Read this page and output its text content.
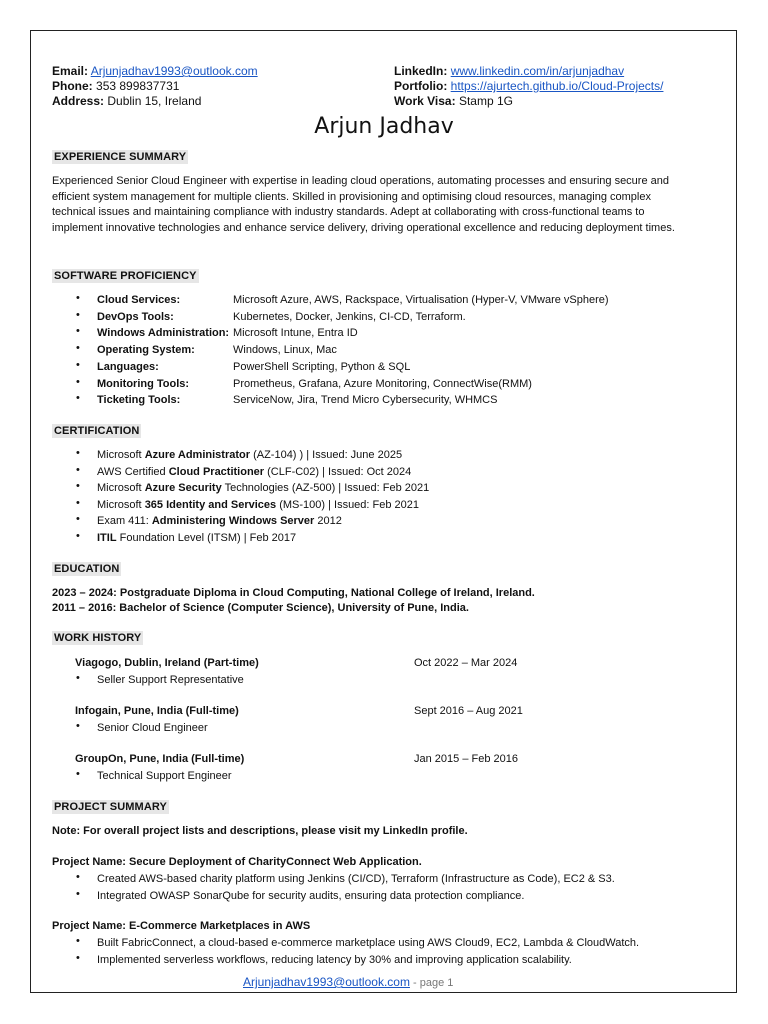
Email: Arjunjadhav1993@outlook.com
Phone: 353 899837731
Address: Dublin 15, Ireland
LinkedIn: www.linkedin.com/in/arjunjadhav
Portfolio: https://ajurtech.github.io/Cloud-Projects/
Work Visa: Stamp 1G
Arjun Jadhav
EXPERIENCE SUMMARY
Experienced Senior Cloud Engineer with expertise in leading cloud operations, automating processes and ensuring secure and efficient system management for multiple clients. Skilled in provisioning and optimising cloud resources, managing complex technical issues and maintaining compliance with industry standards. Adept at collaborating with cross-functional teams to implement innovative technologies and enhance service delivery, driving operational excellence and reducing deployment times.
SOFTWARE PROFICIENCY
• Cloud Services:	Microsoft Azure, AWS, Rackspace, Virtualisation (Hyper-V, VMware vSphere)
• DevOps Tools:	Kubernetes, Docker, Jenkins, CI-CD, Terraform.
• Windows Administration: Microsoft Intune, Entra ID
• Operating System:	Windows, Linux, Mac
• Languages:	PowerShell Scripting, Python & SQL
• Monitoring Tools:	Prometheus, Grafana, Azure Monitoring, ConnectWise(RMM)
• Ticketing Tools:	ServiceNow, Jira, Trend Micro Cybersecurity, WHMCS
CERTIFICATION
• Microsoft Azure Administrator (AZ-104) ) | Issued: June 2025
• AWS Certified Cloud Practitioner (CLF-C02) | Issued: Oct 2024
• Microsoft Azure Security Technologies (AZ-500) | Issued: Feb 2021
• Microsoft 365 Identity and Services (MS-100) | Issued: Feb 2021
• Exam 411: Administering Windows Server 2012
• ITIL Foundation Level (ITSM) | Feb 2017
EDUCATION
2023 – 2024: Postgraduate Diploma in Cloud Computing, National College of Ireland, Ireland.
2011 – 2016: Bachelor of Science (Computer Science), University of Pune, India.
WORK HISTORY
Viagogo, Dublin, Ireland (Part-time)	Oct 2022 – Mar 2024
• Seller Support Representative
Infogain, Pune, India (Full-time)	Sept 2016 – Aug 2021
• Senior Cloud Engineer
GroupOn, Pune, India (Full-time)	Jan 2015 – Feb 2016
• Technical Support Engineer
PROJECT SUMMARY
Note: For overall project lists and descriptions, please visit my LinkedIn profile.
Project Name: Secure Deployment of CharityConnect Web Application.
• Created AWS-based charity platform using Jenkins (CI/CD), Terraform (Infrastructure as Code), EC2 & S3.
• Integrated OWASP SonarQube for security audits, ensuring data protection compliance.
Project Name: E-Commerce Marketplaces in AWS
• Built FabricConnect, a cloud-based e-commerce marketplace using AWS Cloud9, EC2, Lambda & CloudWatch.
• Implemented serverless workflows, reducing latency by 30% and improving application scalability.
Arjunjadhav1993@outlook.com - page 1
